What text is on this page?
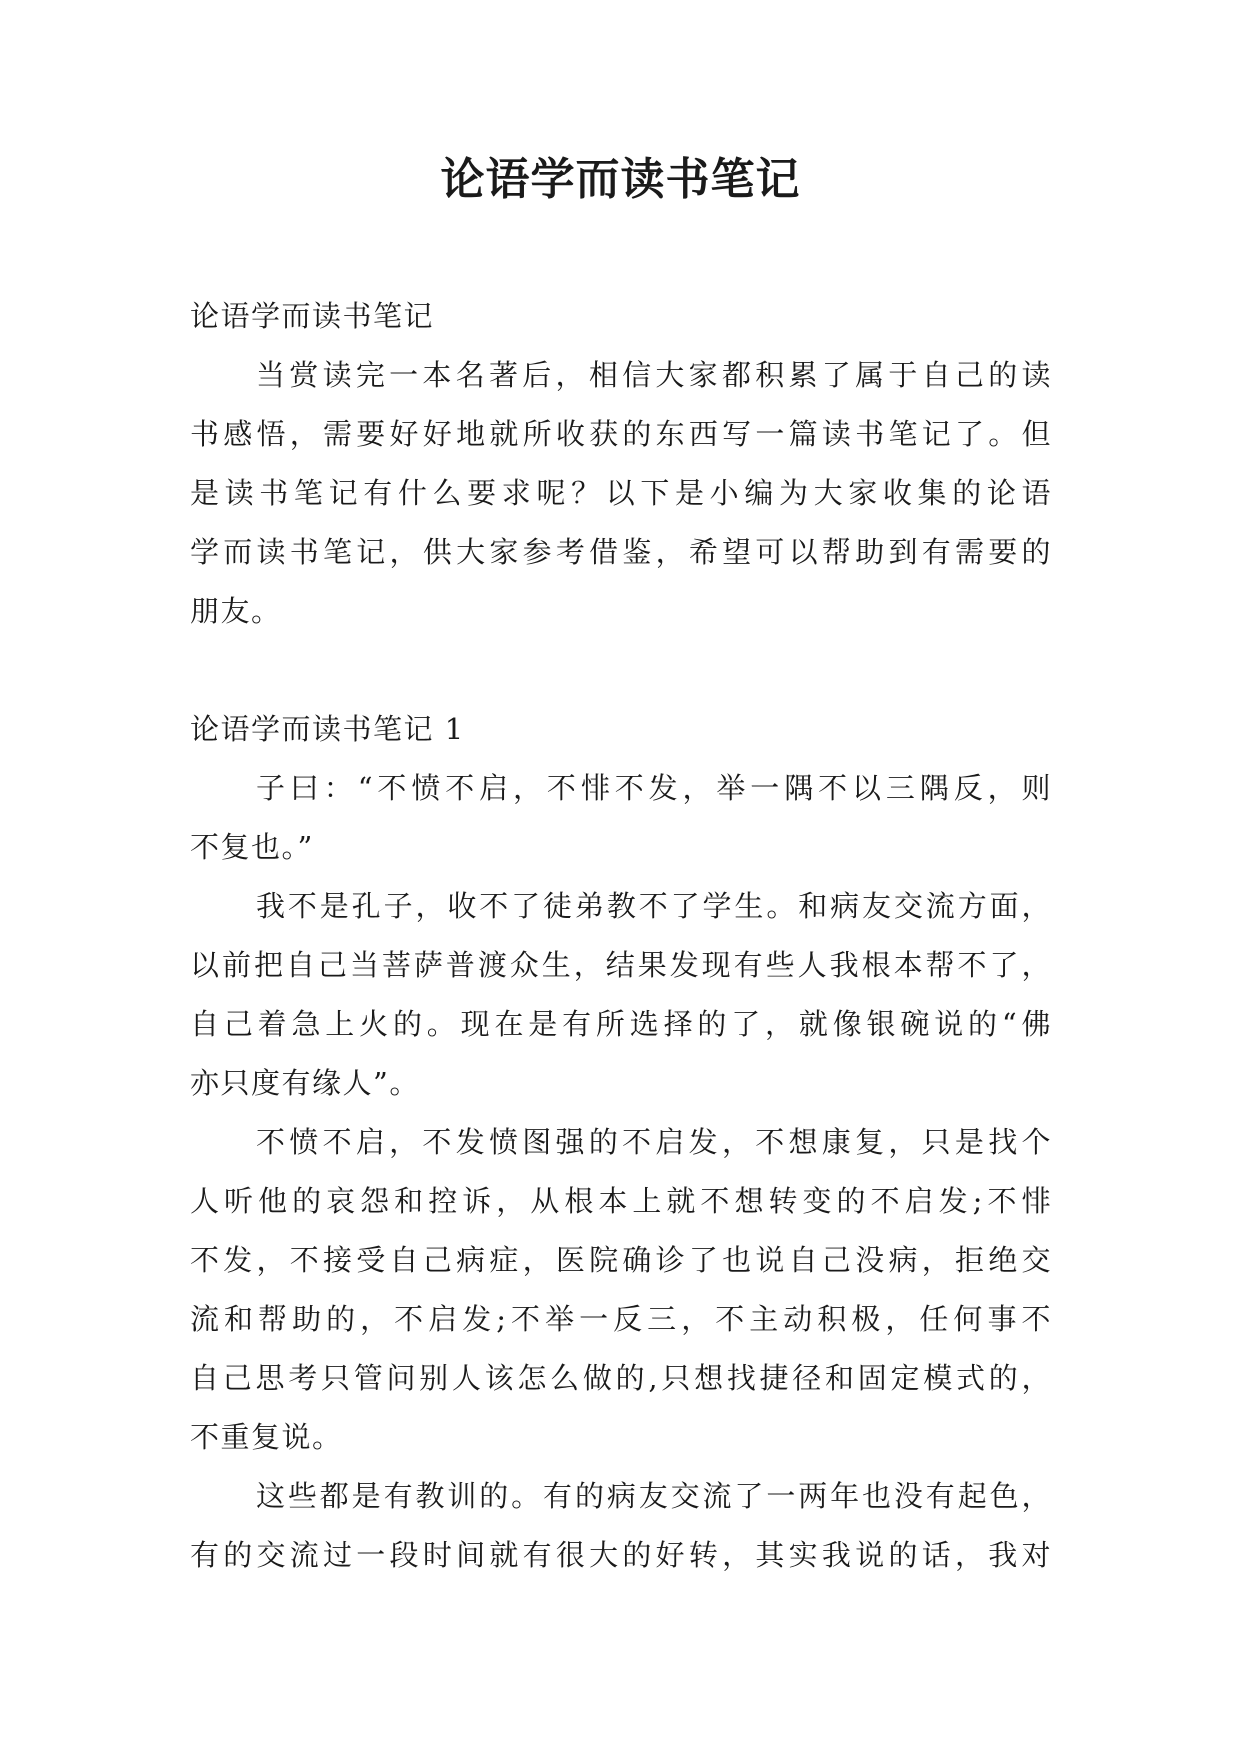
论语学而读书笔记
论语学而读书笔记
当赏读完一本名著后，相信大家都积累了属于自己的读
书感悟，需要好好地就所收获的东西写一篇读书笔记了。但
是读书笔记有什么要求呢？以下是小编为大家收集的论语
学而读书笔记，供大家参考借鉴，希望可以帮助到有需要的
朋友。
论语学而读书笔记 1
子曰：“不愤不启，不悱不发，举一隅不以三隅反，则
不复也。”
我不是孔子，收不了徒弟教不了学生。和病友交流方面，
以前把自己当菩萨普渡众生，结果发现有些人我根本帮不了，
自己着急上火的。现在是有所选择的了，就像银碗说的“佛
亦只度有缘人”。
不愤不启，不发愤图强的不启发，不想康复，只是找个
人听他的哀怨和控诉，从根本上就不想转变的不启发;不悱
不发，不接受自己病症，医院确诊了也说自己没病，拒绝交
流和帮助的，不启发;不举一反三，不主动积极，任何事不
自己思考只管问别人该怎么做的,只想找捷径和固定模式的，
不重复说。
这些都是有教训的。有的病友交流了一两年也没有起色，
有的交流过一段时间就有很大的好转，其实我说的话，我对
